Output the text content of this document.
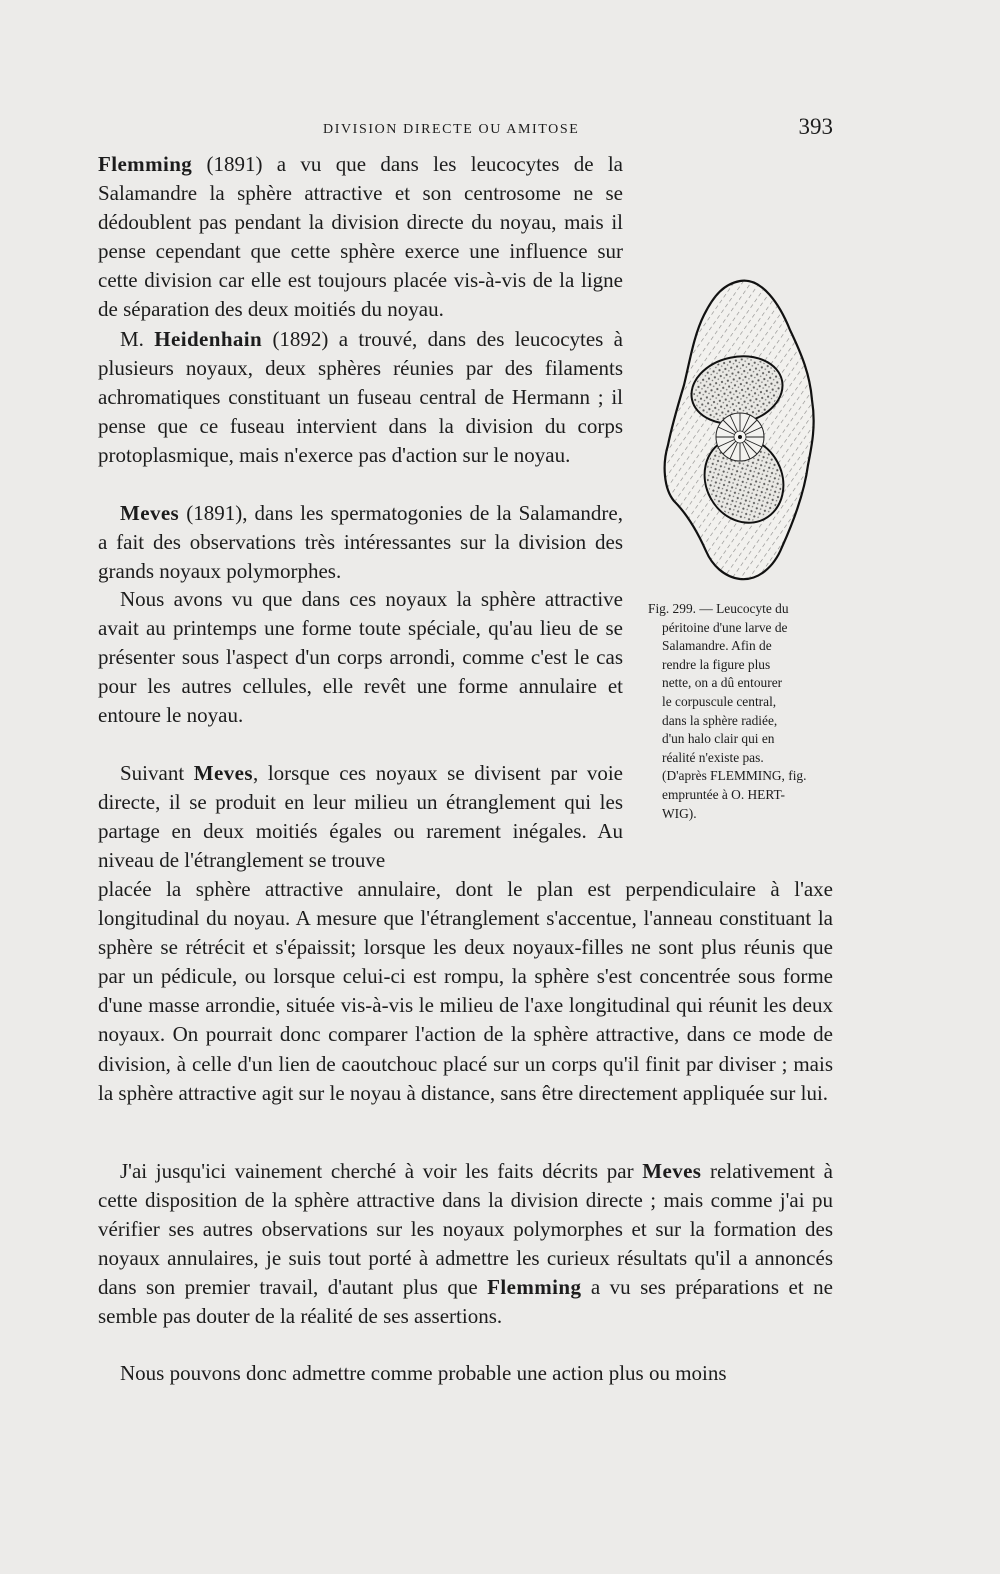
DIVISION DIRECTE OU AMITOSE	393

Flemming (1891) a vu que dans les leucocytes de la Salamandre la sphère attractive et son centrosome ne se dédoublent pas pendant la division directe du noyau, mais il pense cependant que cette sphère exerce une influence sur cette division car elle est toujours placée vis-à-vis de la ligne de séparation des deux moitiés du noyau.

M. Heidenhain (1892) a trouvé, dans des leucocytes à plusieurs noyaux, deux sphères réunies par des filaments achromatiques constituant un fuseau central de Hermann ; il pense que ce fuseau intervient dans la division du corps protoplasmique, mais n'exerce pas d'action sur le noyau.

Meves (1891), dans les spermatogonies de la Salamandre, a fait des observations très intéressantes sur la division des grands noyaux polymorphes.

Nous avons vu que dans ces noyaux la sphère attractive avait au printemps une forme toute spéciale, qu'au lieu de se présenter sous l'aspect d'un corps arrondi, comme c'est le cas pour les autres cellules, elle revêt une forme annulaire et entoure le noyau.

Suivant Meves, lorsque ces noyaux se divisent par voie directe, il se produit en leur milieu un étranglement qui les partage en deux moitiés égales ou rarement inégales. Au niveau de l'étranglement se trouve

placée la sphère attractive annulaire, dont le plan est perpendiculaire à l'axe longitudinal du noyau. A mesure que l'étranglement s'accentue, l'anneau constituant la sphère se rétrécit et s'épaissit; lorsque les deux noyaux-filles ne sont plus réunis que par un pédicule, ou lorsque celui-ci est rompu, la sphère s'est concentrée sous forme d'une masse arrondie, située vis-à-vis le milieu de l'axe longitudinal qui réunit les deux noyaux. On pourrait donc comparer l'action de la sphère attractive, dans ce mode de division, à celle d'un lien de caoutchouc placé sur un corps qu'il finit par diviser ; mais la sphère attractive agit sur le noyau à distance, sans être directement appliquée sur lui.

J'ai jusqu'ici vainement cherché à voir les faits décrits par Meves relativement à cette disposition de la sphère attractive dans la division directe ; mais comme j'ai pu vérifier ses autres observations sur les noyaux polymorphes et sur la formation des noyaux annulaires, je suis tout porté à admettre les curieux résultats qu'il a annoncés dans son premier travail, d'autant plus que Flemming a vu ses préparations et ne semble pas douter de la réalité de ses assertions.

Nous pouvons donc admettre comme probable une action plus ou moins

Fig. 299. — Leucocyte du
péritoine d'une larve de
Salamandre. Afin de
rendre la figure plus
nette, on a dû entourer
le corpuscule central,
dans la sphère radiée,
d'un halo clair qui en
réalité n'existe pas.
(D'après FLEMMING, fig.
empruntée à O. HERT-
WIG).
